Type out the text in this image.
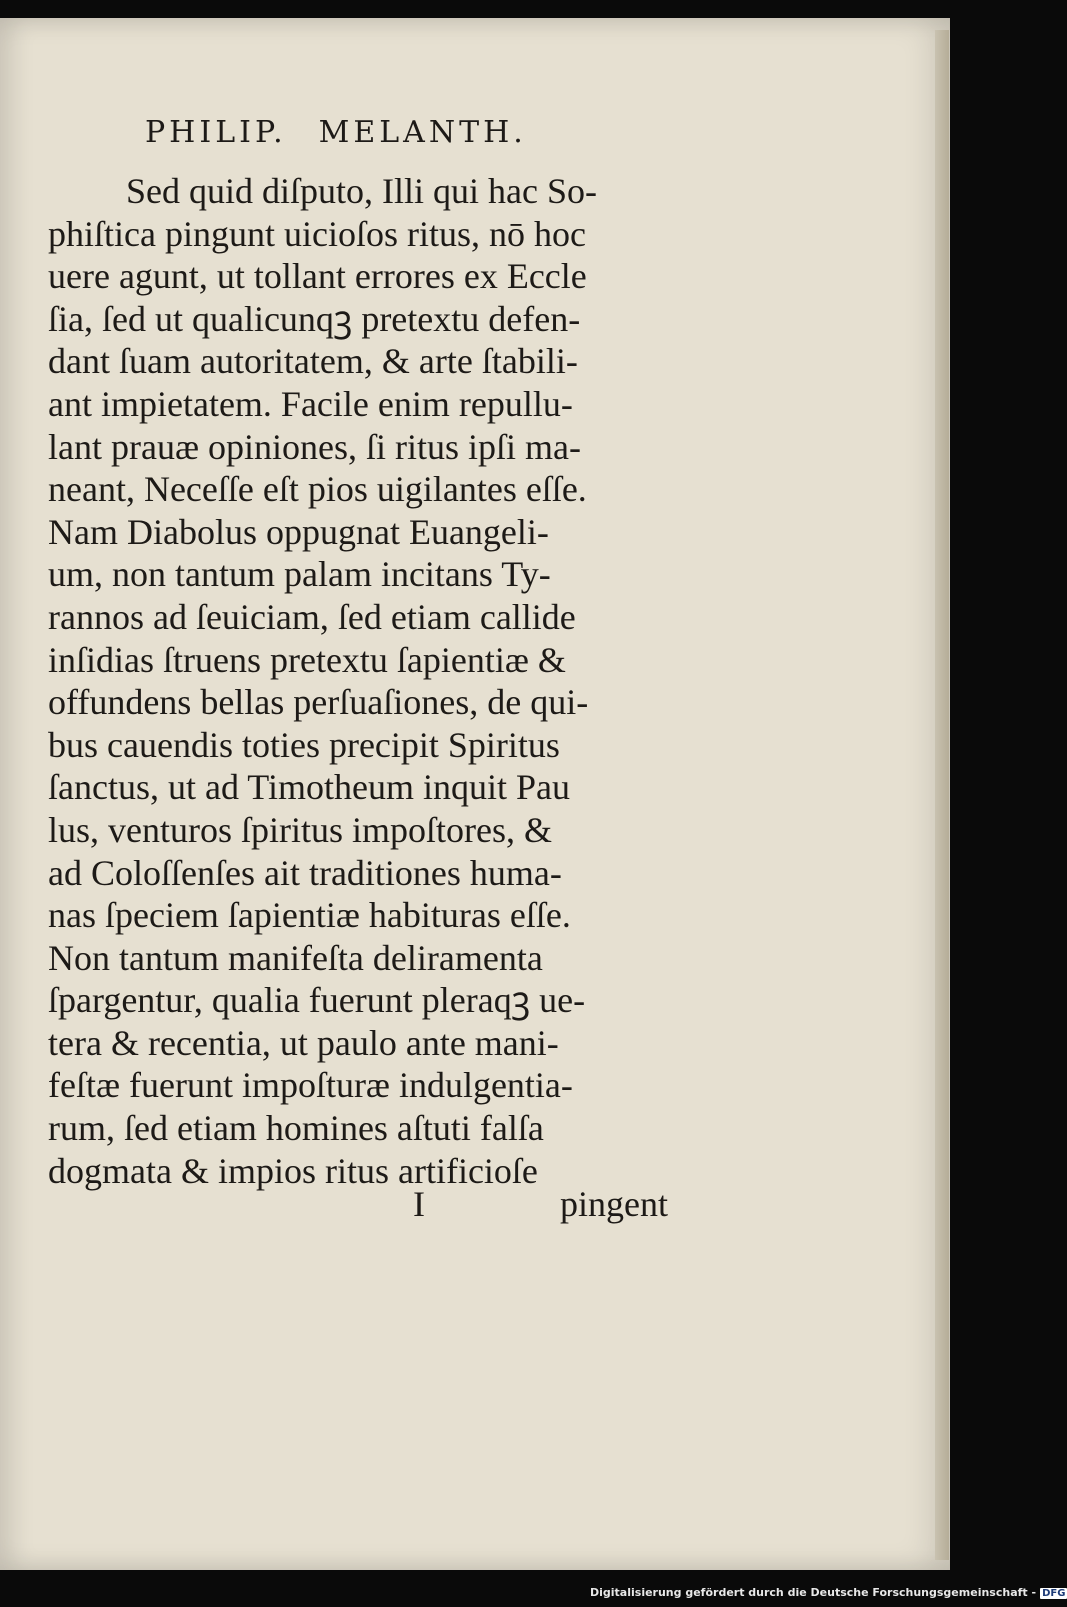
PHILIP. MELANTH.
Sed quid diſputo, Illi qui hac So-
phiſtica pingunt uicioſos ritus, nō hoc
uere agunt, ut tollant errores ex Eccle
ſia, ſed ut qualicunqꝫ pretextu defen-
dant ſuam autoritatem, & arte ſtabili-
ant impietatem. Facile enim repullu-
lant prauæ opiniones, ſi ritus ipſi ma-
neant, Neceſſe eſt pios uigilantes eſſe.
Nam Diabolus oppugnat Euangeli-
um, non tantum palam incitans Ty-
rannos ad ſeuiciam, ſed etiam callide
inſidias ſtruens pretextu ſapientiæ &
offundens bellas perſuaſiones, de qui-
bus cauendis toties precipit Spiritus
ſanctus, ut ad Timotheum inquit Pau
lus, venturos ſpiritus impoſtores, &
ad Coloſſenſes ait traditiones huma-
nas ſpeciem ſapientiæ habituras eſſe.
Non tantum manifeſta deliramenta
ſpargentur, qualia fuerunt pleraqꝫ ue-
tera & recentia, ut paulo ante mani-
feſtæ fuerunt impoſturæ indulgentia-
rum, ſed etiam homines aſtuti falſa
dogmata & impios ritus artificioſe
I	pingent
Digitalisierung gefördert durch die Deutsche Forschungsgemeinschaft - DFG
